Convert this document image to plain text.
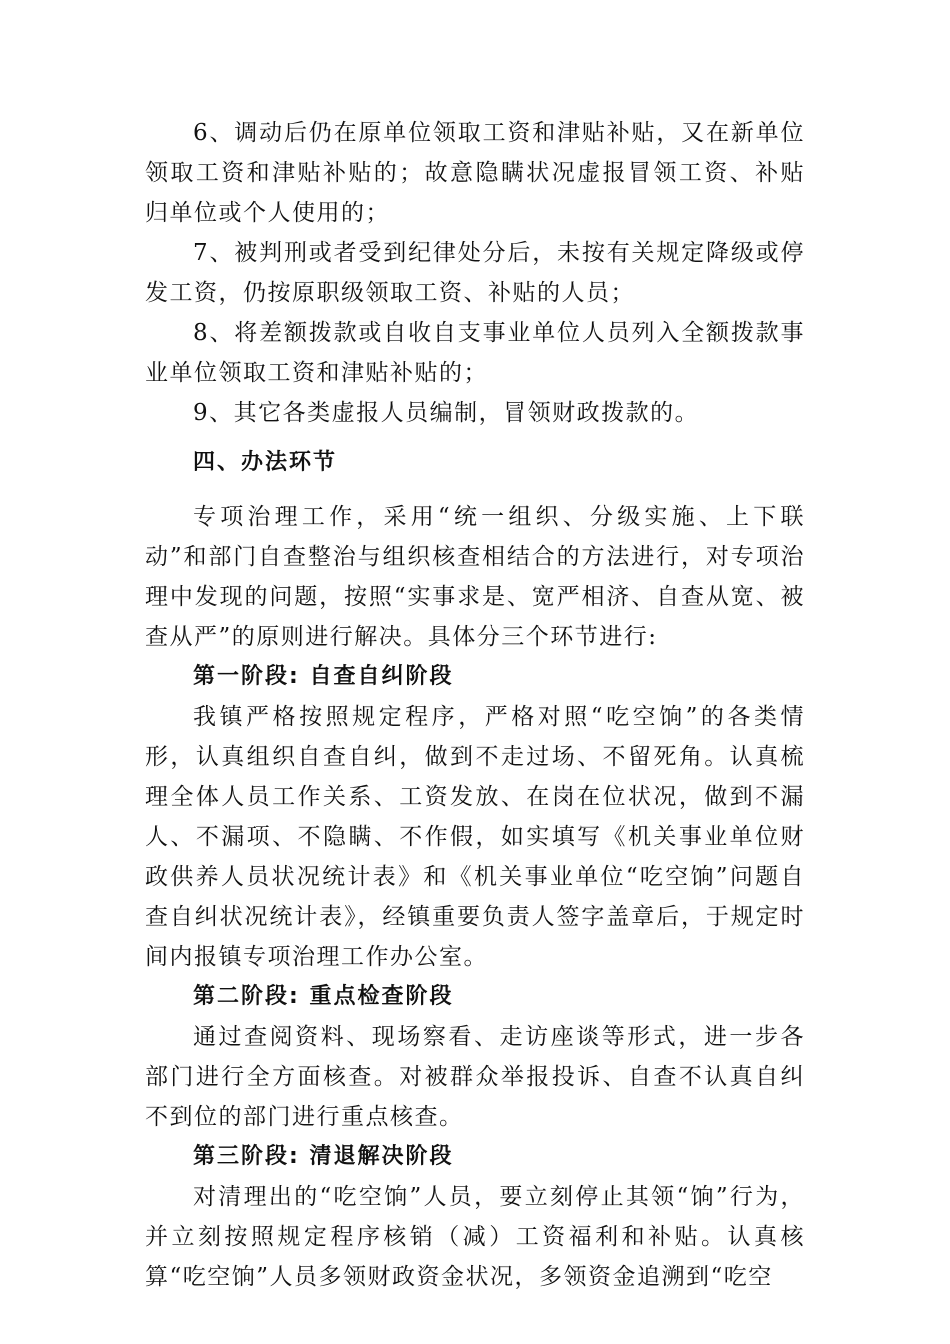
6、调动后仍在原单位领取工资和津贴补贴，又在新单位领取工资和津贴补贴的；故意隐瞒状况虚报冒领工资、补贴归单位或个人使用的；

7、被判刑或者受到纪律处分后，未按有关规定降级或停发工资，仍按原职级领取工资、补贴的人员；

8、将差额拨款或自收自支事业单位人员列入全额拨款事业单位领取工资和津贴补贴的；

9、其它各类虚报人员编制，冒领财政拨款的。

四、办法环节

专项治理工作，采用“统一组织、分级实施、上下联动”和部门自查整治与组织核查相结合的方法进行，对专项治理中发现的问题，按照“实事求是、宽严相济、自查从宽、被查从严”的原则进行解决。具体分三个环节进行:

第一阶段: 自查自纠阶段

我镇严格按照规定程序，严格对照“吃空饷”的各类情形，认真组织自查自纠，做到不走过场、不留死角。认真梳理全体人员工作关系、工资发放、在岗在位状况，做到不漏人、不漏项、不隐瞒、不作假，如实填写《机关事业单位财政供养人员状况统计表》和《机关事业单位“吃空饷”问题自查自纠状况统计表》，经镇重要负责人签字盖章后，于规定时间内报镇专项治理工作办公室。

第二阶段: 重点检查阶段

通过查阅资料、现场察看、走访座谈等形式，进一步各部门进行全方面核查。对被群众举报投诉、自查不认真自纠不到位的部门进行重点核查。

第三阶段: 清退解决阶段

对清理出的“吃空饷”人员，要立刻停止其领“饷”行为，并立刻按照规定程序核销（减）工资福利和补贴。认真核算“吃空饷”人员多领财政资金状况，多领资金追溯到“吃空
